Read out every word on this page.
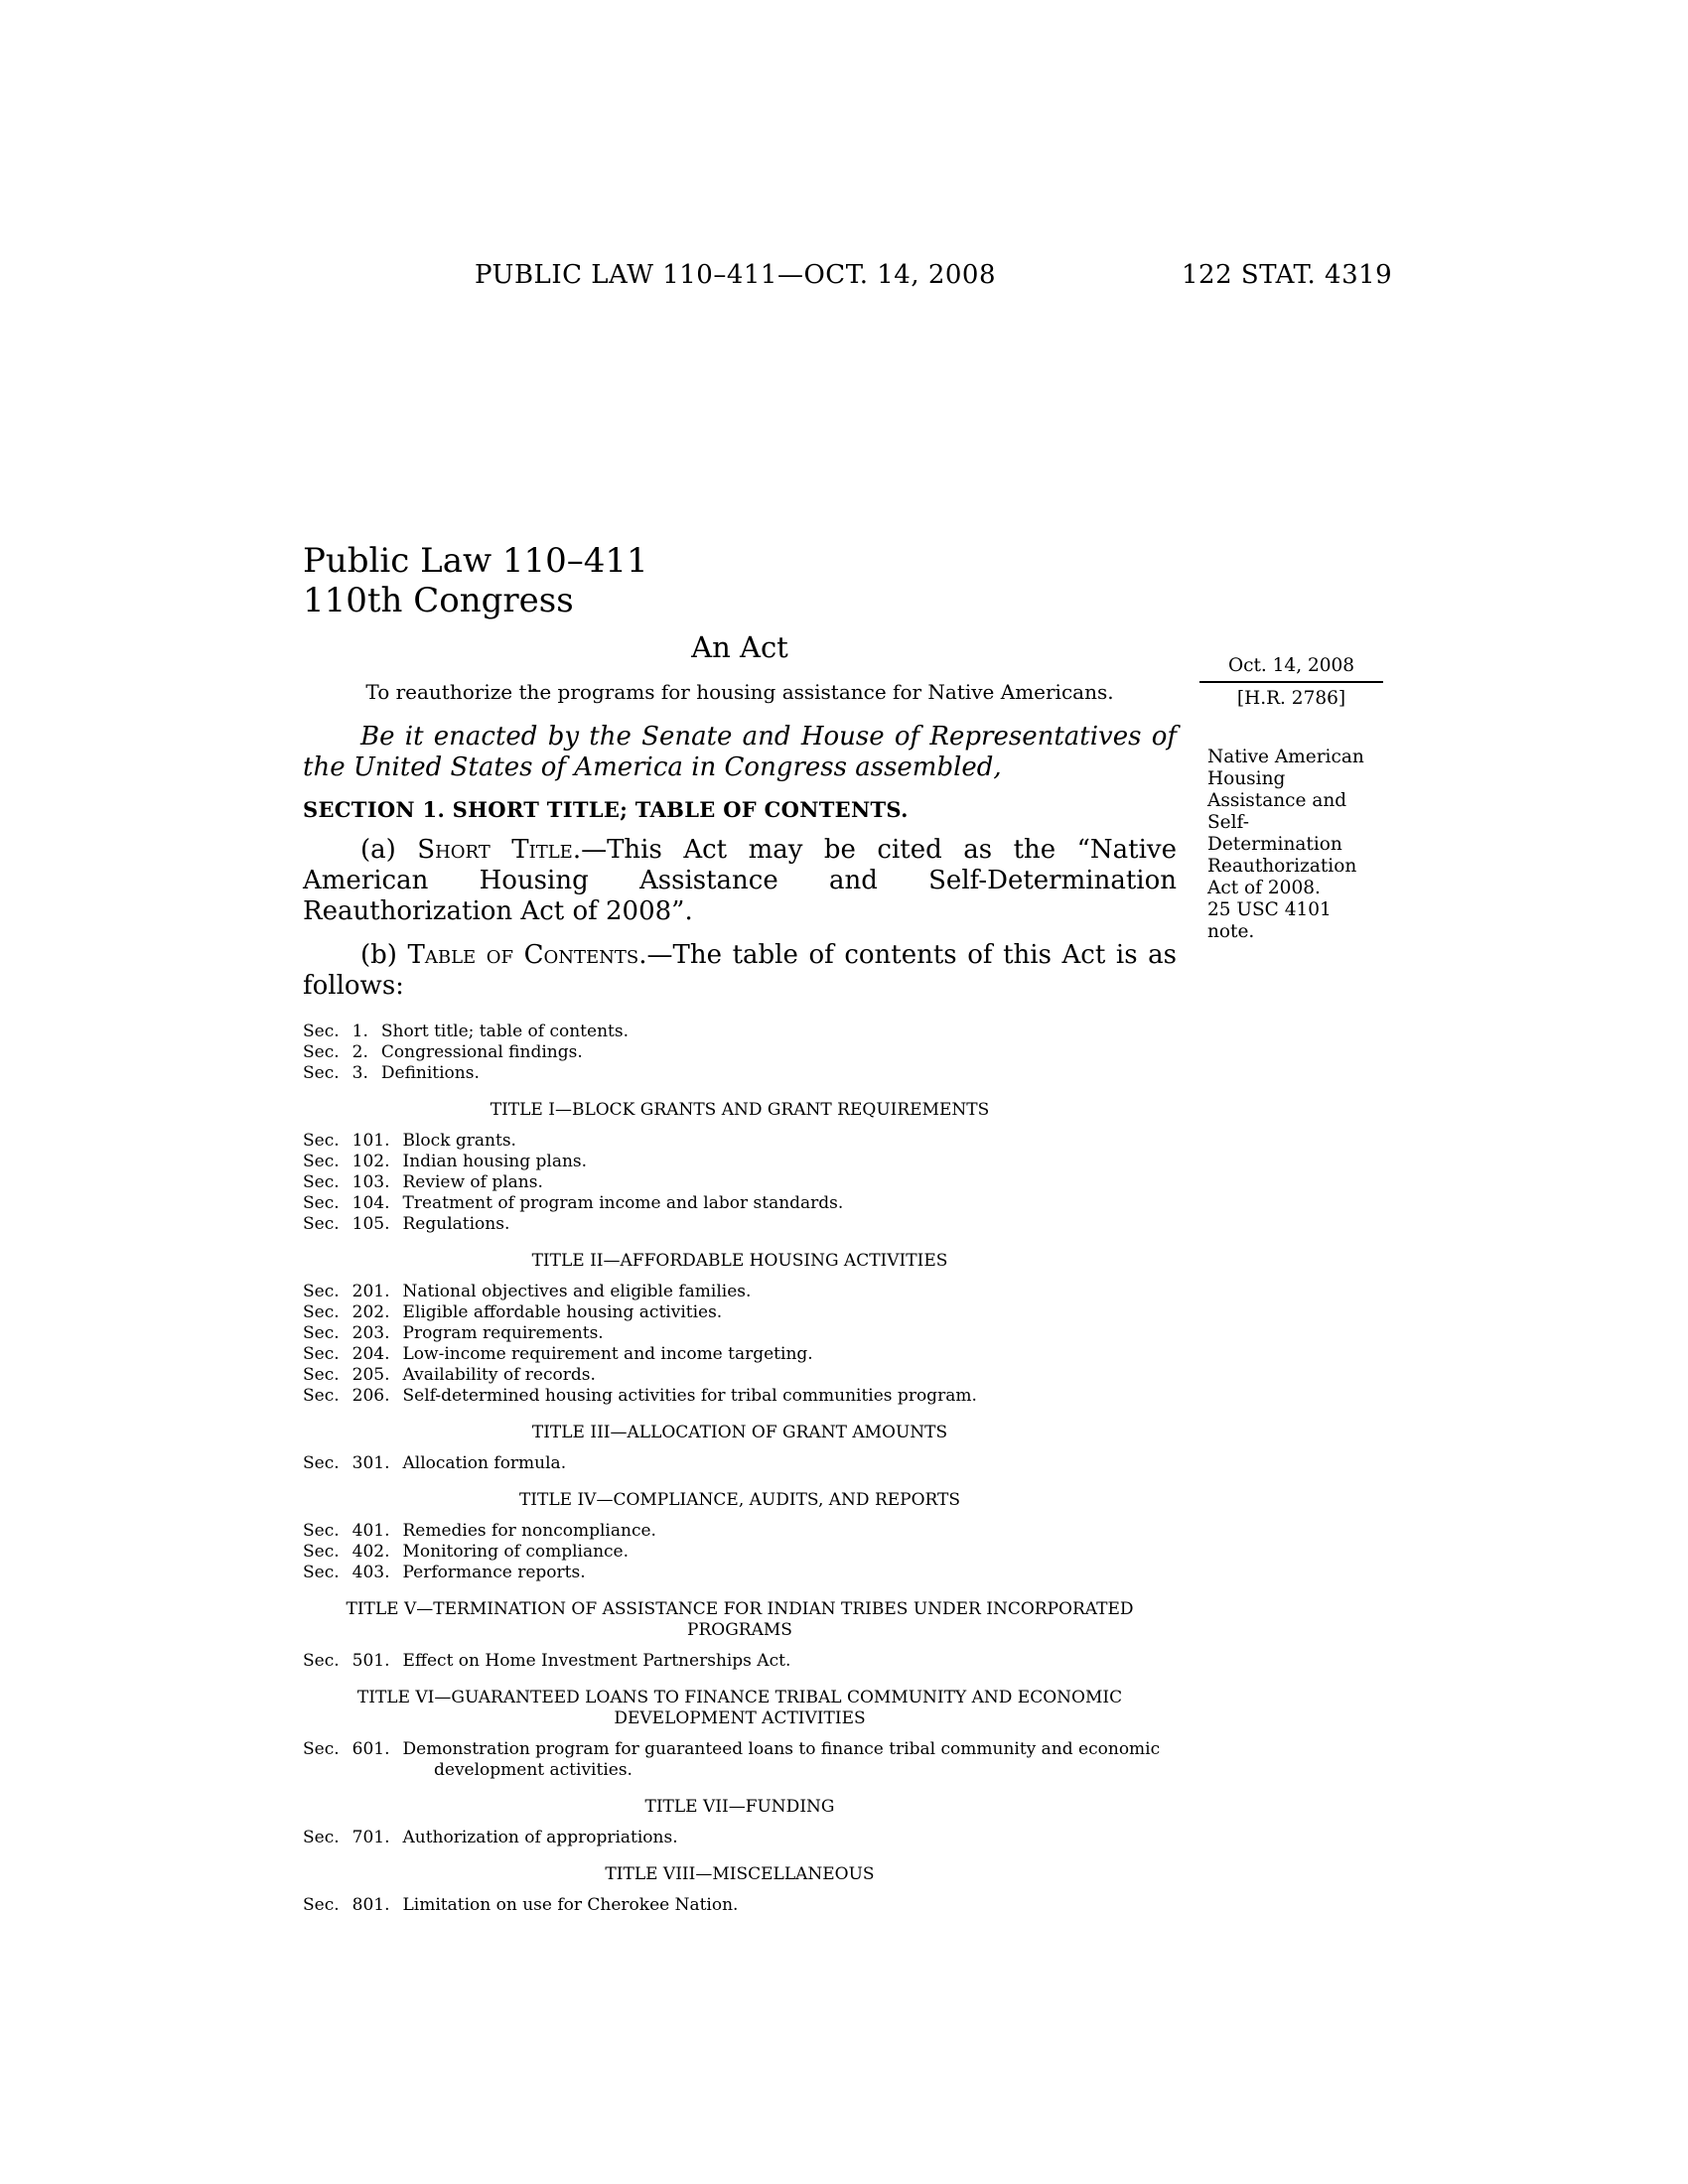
PUBLIC LAW 110–411—OCT. 14, 2008	122 STAT. 4319
Oct. 14, 2008
[H.R. 2786]
Native American Housing Assistance and Self-Determination Reauthorization Act of 2008.
25 USC 4101 note.
Public Law 110–411
110th Congress
An Act
To reauthorize the programs for housing assistance for Native Americans.
Be it enacted by the Senate and House of Representatives of the United States of America in Congress assembled,
SECTION 1. SHORT TITLE; TABLE OF CONTENTS.
(a) Short Title.—This Act may be cited as the “Native American Housing Assistance and Self-Determination Reauthorization Act of 2008”.
(b) Table of Contents.—The table of contents of this Act is as follows:
Sec. 1. Short title; table of contents.
Sec. 2. Congressional findings.
Sec. 3. Definitions.
TITLE I—BLOCK GRANTS AND GRANT REQUIREMENTS
Sec. 101. Block grants.
Sec. 102. Indian housing plans.
Sec. 103. Review of plans.
Sec. 104. Treatment of program income and labor standards.
Sec. 105. Regulations.
TITLE II—AFFORDABLE HOUSING ACTIVITIES
Sec. 201. National objectives and eligible families.
Sec. 202. Eligible affordable housing activities.
Sec. 203. Program requirements.
Sec. 204. Low-income requirement and income targeting.
Sec. 205. Availability of records.
Sec. 206. Self-determined housing activities for tribal communities program.
TITLE III—ALLOCATION OF GRANT AMOUNTS
Sec. 301. Allocation formula.
TITLE IV—COMPLIANCE, AUDITS, AND REPORTS
Sec. 401. Remedies for noncompliance.
Sec. 402. Monitoring of compliance.
Sec. 403. Performance reports.
TITLE V—TERMINATION OF ASSISTANCE FOR INDIAN TRIBES UNDER INCORPORATED PROGRAMS
Sec. 501. Effect on Home Investment Partnerships Act.
TITLE VI—GUARANTEED LOANS TO FINANCE TRIBAL COMMUNITY AND ECONOMIC DEVELOPMENT ACTIVITIES
Sec. 601. Demonstration program for guaranteed loans to finance tribal community and economic development activities.
TITLE VII—FUNDING
Sec. 701. Authorization of appropriations.
TITLE VIII—MISCELLANEOUS
Sec. 801. Limitation on use for Cherokee Nation.
